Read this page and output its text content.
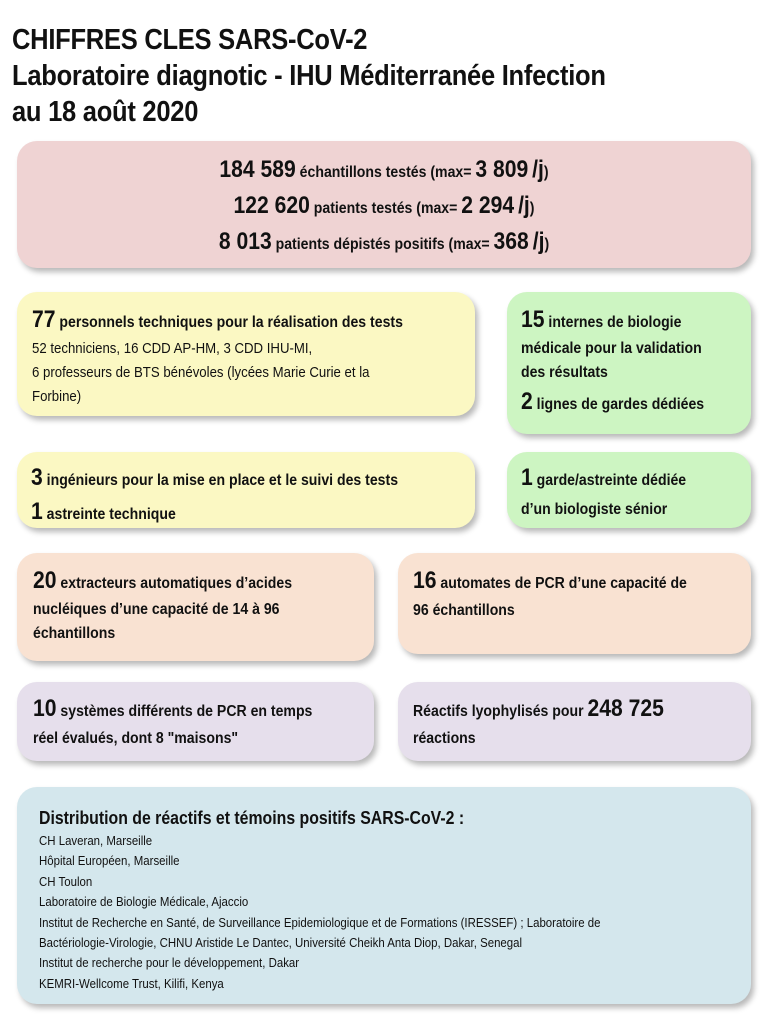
CHIFFRES CLES SARS-CoV-2
Laboratoire diagnotic - IHU Méditerranée Infection
au 18 août 2020
184 589 échantillons testés (max= 3 809 /j)
122 620 patients testés (max= 2 294 /j)
8 013 patients dépistés positifs (max= 368 /j)
77 personnels techniques pour la réalisation des tests
52 techniciens, 16 CDD AP-HM, 3 CDD IHU-MI,
6 professeurs de BTS bénévoles (lycées Marie Curie et la
Forbine)
15 internes de biologie
médicale pour la validation
des résultats
2 lignes de gardes dédiées
3 ingénieurs pour la mise en place et le suivi des tests
1 astreinte technique
1 garde/astreinte dédiée
d’un biologiste sénior
20 extracteurs automatiques d’acides
nucléiques d’une capacité de 14 à 96
échantillons
16 automates de PCR d’une capacité de
96 échantillons
10 systèmes différents de PCR en temps
réel évalués, dont 8 "maisons"
Réactifs lyophylisés pour 248 725
réactions
Distribution de réactifs et témoins positifs SARS-CoV-2 :
CH Laveran, Marseille
Hôpital Européen, Marseille
CH Toulon
Laboratoire de Biologie Médicale, Ajaccio
Institut de Recherche en Santé, de Surveillance Epidemiologique et de Formations (IRESSEF) ; Laboratoire de
Bactériologie-Virologie, CHNU Aristide Le Dantec, Université Cheikh Anta Diop, Dakar, Senegal
Institut de recherche pour le développement, Dakar
KEMRI-Wellcome Trust, Kilifi, Kenya
